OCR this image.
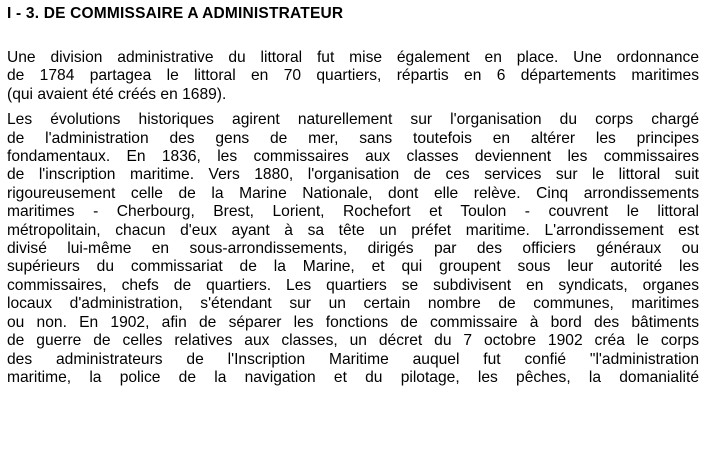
I - 3. DE COMMISSAIRE A ADMINISTRATEUR

Une division administrative du littoral fut mise également en place. Une ordonnance
de 1784 partagea le littoral en 70 quartiers, répartis en 6 départements maritimes
(qui avaient été créés en 1689).

Les évolutions historiques agirent naturellement sur l'organisation du corps chargé
de l'administration des gens de mer, sans toutefois en altérer les principes
fondamentaux. En 1836, les commissaires aux classes deviennent les commissaires
de l'inscription maritime. Vers 1880, l'organisation de ces services sur le littoral suit
rigoureusement celle de la Marine Nationale, dont elle relève. Cinq arrondissements
maritimes - Cherbourg, Brest, Lorient, Rochefort et Toulon - couvrent le littoral
métropolitain, chacun d'eux ayant à sa tête un préfet maritime. L'arrondissement est
divisé lui-même en sous-arrondissements, dirigés par des officiers généraux ou
supérieurs du commissariat de la Marine, et qui groupent sous leur autorité les
commissaires, chefs de quartiers. Les quartiers se subdivisent en syndicats, organes
locaux d'administration, s'étendant sur un certain nombre de communes, maritimes
ou non. En 1902, afin de séparer les fonctions de commissaire à bord des bâtiments
de guerre de celles relatives aux classes, un décret du 7 octobre 1902 créa le corps
des administrateurs de l'Inscription Maritime auquel fut confié "l'administration
maritime, la police de la navigation et du pilotage, les pêches, la domanialité
